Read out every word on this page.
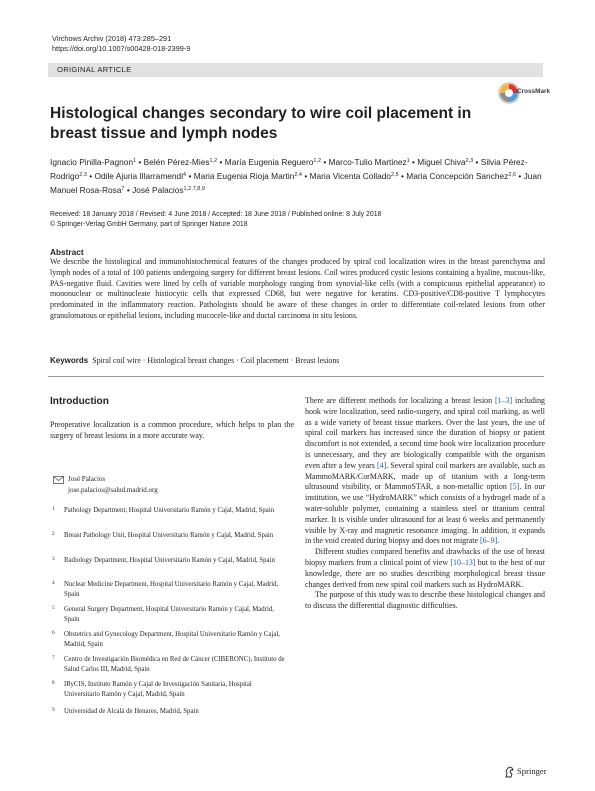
Virchows Archiv (2018) 473:285–291
https://doi.org/10.1007/s00428-018-2399-9
ORIGINAL ARTICLE
CrossMark
Histological changes secondary to wire coil placement in breast tissue and lymph nodes
Ignacio Pinilla-Pagnon$^1$ • Belén Pérez-Mies$^{1,2}$ • María Eugenia Reguero$^{1,2}$ • Marco-Tulio Martinez$^1$ • Miguel Chiva$^{2,3}$ • Silvia Pérez-Rodrigo$^{2,3}$ • Odile Ajuria Illarramendi$^4$ • Maria Eugenia Rioja Martin$^{2,4}$ • Maria Vicenta Collado$^{2,5}$ • Maria Concepción Sanchez$^{2,6}$ • Juan Manuel Rosa-Rosa$^7$ • José Palacios$^{1,2,7,8,9}$
Received: 18 January 2018 / Revised: 4 June 2018 / Accepted: 18 June 2018 / Published online: 8 July 2018
© Springer-Verlag GmbH Germany, part of Springer Nature 2018
Abstract
We describe the histological and immunohistochemical features of the changes produced by spiral coil localization wires in the breast parenchyma and lymph nodes of a total of 100 patients undergoing surgery for different breast lesions. Coil wires produced cystic lesions containing a hyaline, mucous-like, PAS-negative fluid. Cavities were lined by cells of variable morphology ranging from synovial-like cells (with a conspicuous epithelial appearance) to mononuclear or multinucleate histiocytic cells that expressed CD68, but were negative for keratins. CD3-positive/CD8-positive T lymphocytes predominated in the inflammatory reaction. Pathologists should be aware of these changes in order to differentiate coil-related lesions from other granulomatous or epithelial lesions, including mucocele-like and ductal carcinoma in situ lesions.
Keywords Spiral coil wire · Histological breast changes · Coil placement · Breast lesions
Introduction
Preoperative localization is a common procedure, which helps to plan the surgery of breast lesions in a more accurate way.
José Palacios
jose.palacios@salud.madrid.org
1 Pathology Department, Hospital Universitario Ramón y Cajal, Madrid, Spain
2 Breast Pathology Unit, Hospital Universitario Ramón y Cajal, Madrid, Spain
3 Radiology Department, Hospital Universitario Ramón y Cajal, Madrid, Spain
4 Nuclear Medicine Department, Hospital Universitario Ramón y Cajal, Madrid, Spain
5 General Surgery Department, Hospital Universitario Ramón y Cajal, Madrid, Spain
6 Obstetrics and Gynecology Department, Hospital Universitario Ramón y Cajal, Madrid, Spain
7 Centro de Investigación Biomédica en Red de Cáncer (CIBERONC), Instituto de Salud Carlos III, Madrid, Spain
8 IRyCIS, Instituto Ramón y Cajal de Investigación Sanitaria, Hospital Universitario Ramón y Cajal, Madrid, Spain
9 Universidad de Alcalá de Henares, Madrid, Spain

There are different methods for localizing a breast lesion [1–3] including hook wire localization, seed radio-surgery, and spiral coil marking, as well as a wide variety of breast tissue markers. Over the last years, the use of spiral coil markers has increased since the duration of biopsy or patient discomfort is not extended, a second time hook wire localization procedure is unnecessary, and they are biologically compatible with the organism even after a few years [4]. Several spiral coil markers are available, such as MammoMARK/CorMARK, made up of titanium with a long-term ultrasound visibility, or MammoSTAR, a non-metallic option [5]. In our institution, we use “HydroMARK” which consists of a hydrogel made of a water-soluble polymer, containing a stainless steel or titanium central marker. It is visible under ultrasound for at least 6 weeks and permanently visible by X-ray and magnetic resonance imaging. In addition, it expands in the void created during biopsy and does not migrate [6–9].

Different studies compared benefits and drawbacks of the use of breast biopsy markers from a clinical point of view [10–13] but to the best of our knowledge, there are no studies describing morphological breast tissue changes derived from new spiral coil markers such as HydroMARK.

The purpose of this study was to describe these histological changes and to discuss the differential diagnostic difficulties.

Springer
